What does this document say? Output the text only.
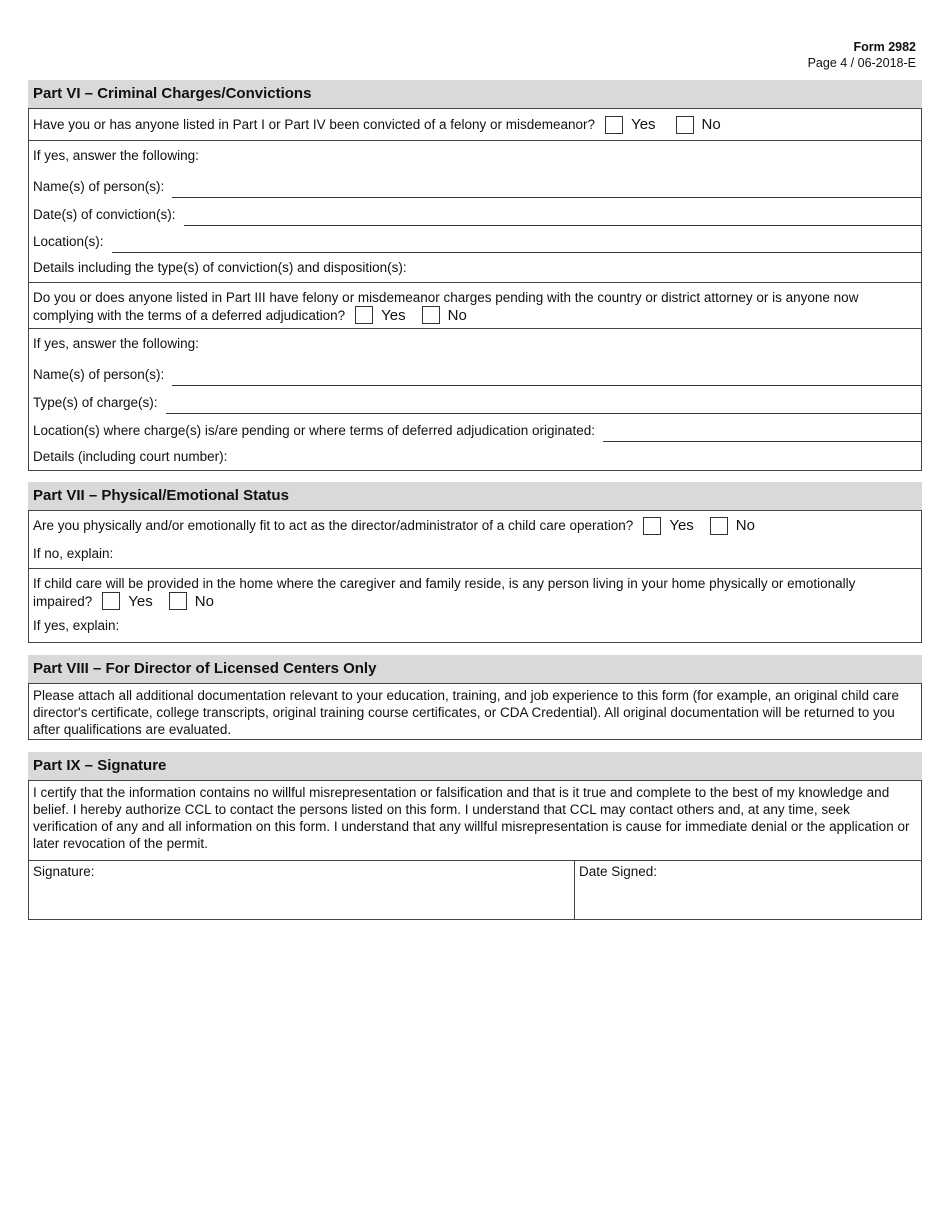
Form 2982
Page 4 / 06-2018-E
Part VI – Criminal Charges/Convictions
Have you or has anyone listed in Part I or Part IV been convicted of a felony or misdemeanor? Yes	No
If yes, answer the following:
Name(s) of person(s):
Date(s) of conviction(s):
Location(s):
Details including the type(s) of conviction(s) and disposition(s):
Do you or does anyone listed in Part III have felony or misdemeanor charges pending with the country or district attorney or is anyone now
complying with the terms of a deferred adjudication? Yes	No
If yes, answer the following:
Name(s) of person(s):
Type(s) of charge(s):
Location(s) where charge(s) is/are pending or where terms of deferred adjudication originated:
Details (including court number):
Part VII – Physical/Emotional Status
Are you physically and/or emotionally fit to act as the director/administrator of a child care operation? Yes	No
If no, explain:
If child care will be provided in the home where the caregiver and family reside, is any person living in your home physically or emotionally
impaired? Yes	No
If yes, explain:
Part VIII – For Director of Licensed Centers Only
Please attach all additional documentation relevant to your education, training, and job experience to this form (for example, an original child care director's certificate, college transcripts, original training course certificates, or CDA Credential). All original documentation will be returned to you after qualifications are evaluated.
Part IX – Signature
I certify that the information contains no willful misrepresentation or falsification and that is it true and complete to the best of my knowledge and belief. I hereby authorize CCL to contact the persons listed on this form. I understand that CCL may contact others and, at any time, seek verification of any and all information on this form. I understand that any willful misrepresentation is cause for immediate denial or the application or later revocation of the permit.
Signature:	Date Signed:
